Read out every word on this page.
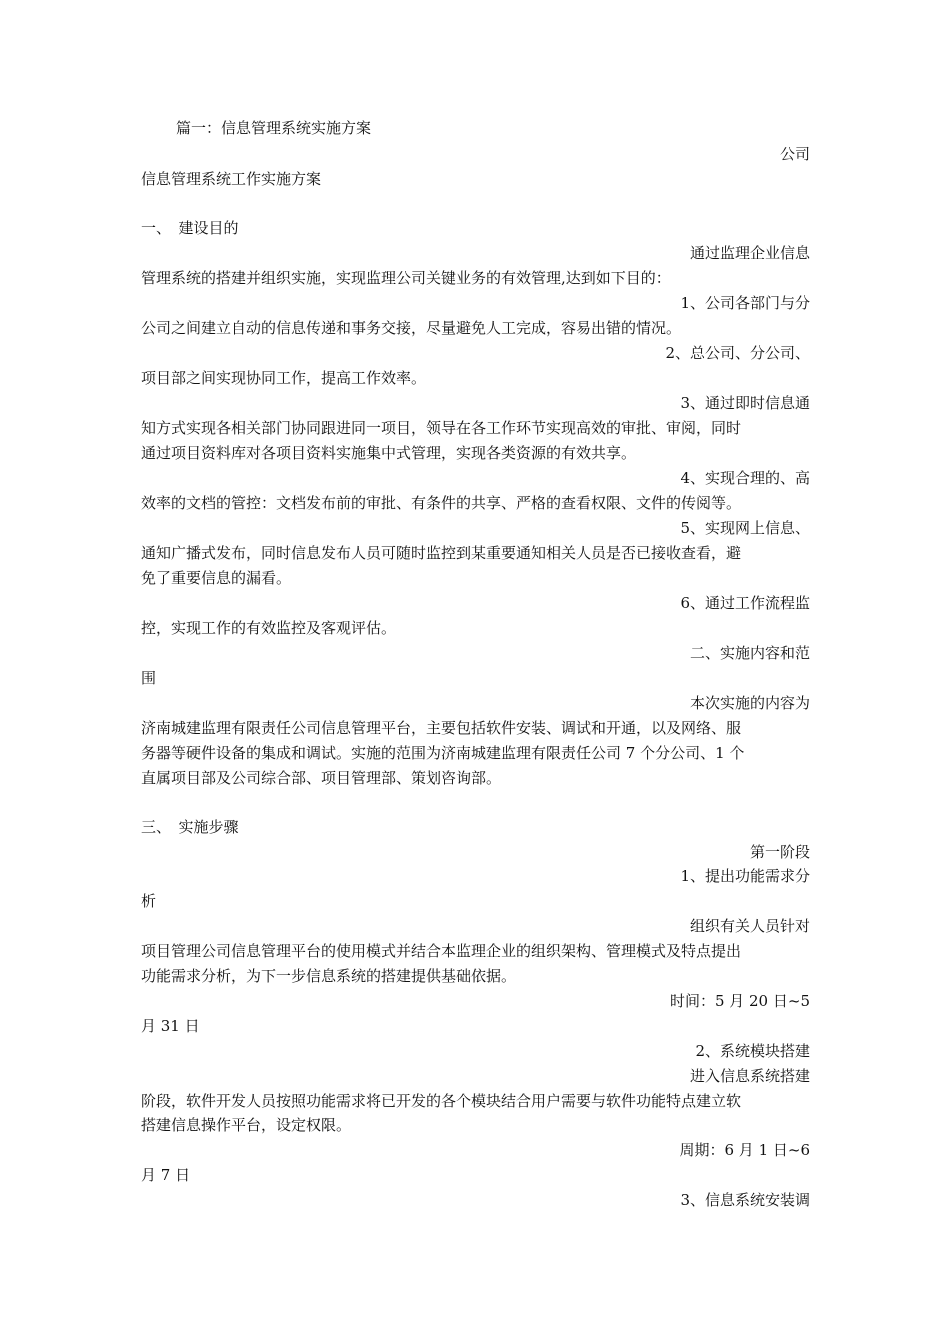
篇一：信息管理系统实施方案
公司
信息管理系统工作实施方案
一、　建设目的
通过监理企业信息
管理系统的搭建并组织实施，实现监理公司关键业务的有效管理,达到如下目的：
1、公司各部门与分
公司之间建立自动的信息传递和事务交接，尽量避免人工完成，容易出错的情况。
2、总公司、分公司、
项目部之间实现协同工作，提高工作效率。
3、通过即时信息通
知方式实现各相关部门协同跟进同一项目，领导在各工作环节实现高效的审批、审阅，同时
通过项目资料库对各项目资料实施集中式管理，实现各类资源的有效共享。
4、实现合理的、高
效率的文档的管控：文档发布前的审批、有条件的共享、严格的查看权限、文件的传阅等。
5、实现网上信息、
通知广播式发布，同时信息发布人员可随时监控到某重要通知相关人员是否已接收查看，避
免了重要信息的漏看。
6、通过工作流程监
控，实现工作的有效监控及客观评估。
二、实施内容和范
围
本次实施的内容为
济南城建监理有限责任公司信息管理平台，主要包括软件安装、调试和开通，以及网络、服
务器等硬件设备的集成和调试。实施的范围为济南城建监理有限责任公司 7 个分公司、1 个
直属项目部及公司综合部、项目管理部、策划咨询部。
三、　实施步骤
第一阶段
1、提出功能需求分
析
组织有关人员针对
项目管理公司信息管理平台的使用模式并结合本监理企业的组织架构、管理模式及特点提出
功能需求分析，为下一步信息系统的搭建提供基础依据。
时间：5 月 20 日~5
月 31 日
2、系统模块搭建
进入信息系统搭建
阶段，软件开发人员按照功能需求将已开发的各个模块结合用户需要与软件功能特点建立软
搭建信息操作平台，设定权限。
周期：6 月 1 日~6
月 7 日
3、信息系统安装调
